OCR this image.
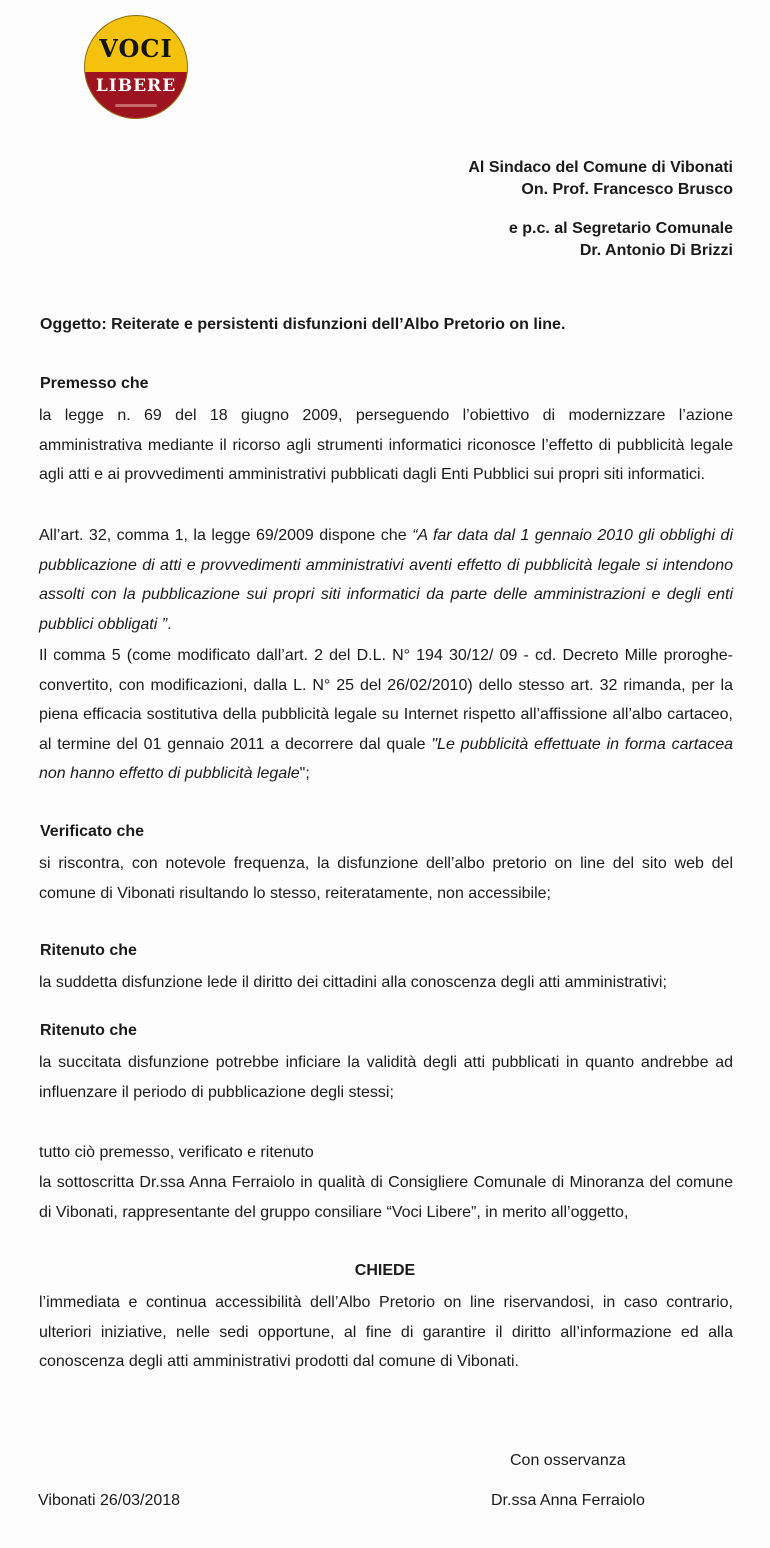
VOCI
LIBERE
Al Sindaco del Comune di Vibonati
On. Prof. Francesco Brusco
e p.c. al Segretario Comunale
Dr. Antonio Di Brizzi
Oggetto: Reiterate e persistenti disfunzioni dell’Albo Pretorio on line.
Premesso che
la legge n. 69 del 18 giugno 2009, perseguendo l’obiettivo di modernizzare l’azione amministrativa mediante il ricorso agli strumenti informatici riconosce l’effetto di pubblicità legale agli atti e ai provvedimenti amministrativi pubblicati dagli Enti Pubblici sui propri siti informatici.
All’art. 32, comma 1, la legge 69/2009 dispone che “A far data dal 1 gennaio 2010 gli obblighi di pubblicazione di atti e provvedimenti amministrativi aventi effetto di pubblicità legale si intendono assolti con la pubblicazione sui propri siti informatici da parte delle amministrazioni e degli enti pubblici obbligati ”.
Il comma 5 (come modificato dall’art. 2 del D.L. N° 194 30/12/ 09 - cd. Decreto Mille proroghe- convertito, con modificazioni, dalla L. N° 25 del 26/02/2010) dello stesso art. 32 rimanda, per la piena efficacia sostitutiva della pubblicità legale su Internet rispetto all’affissione all’albo cartaceo, al termine del 01 gennaio 2011 a decorrere dal quale "Le pubblicità effettuate in forma cartacea non hanno effetto di pubblicità legale";
Verificato che
si riscontra, con notevole frequenza, la disfunzione dell’albo pretorio on line del sito web del comune di Vibonati risultando lo stesso, reiteratamente, non accessibile;
Ritenuto che
la suddetta disfunzione lede il diritto dei cittadini alla conoscenza degli atti amministrativi;
Ritenuto che
la succitata disfunzione potrebbe inficiare la validità degli atti pubblicati in quanto andrebbe ad influenzare il periodo di pubblicazione degli stessi;
tutto ciò premesso, verificato e ritenuto
la sottoscritta Dr.ssa Anna Ferraiolo in qualità di Consigliere Comunale di Minoranza del comune di Vibonati, rappresentante del gruppo consiliare “Voci Libere”, in merito all’oggetto,
CHIEDE
l’immediata e continua accessibilità dell’Albo Pretorio on line riservandosi, in caso contrario, ulteriori iniziative, nelle sedi opportune, al fine di garantire il diritto all’informazione ed alla conoscenza degli atti amministrativi prodotti dal comune di Vibonati.
Con osservanza
Dr.ssa Anna Ferraiolo
Vibonati 26/03/2018
